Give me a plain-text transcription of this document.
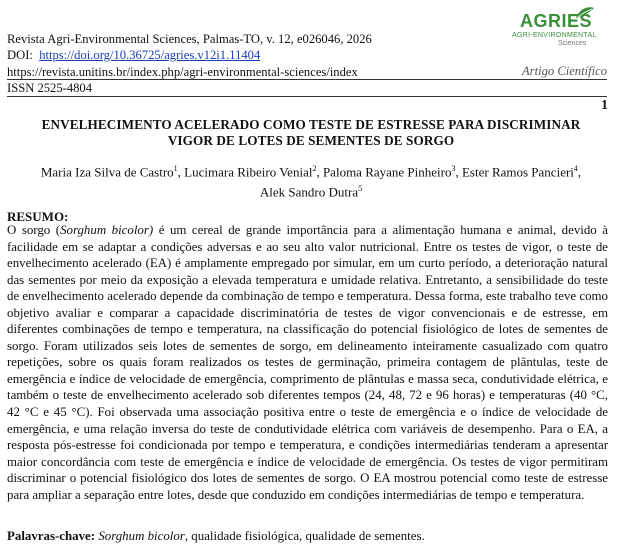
Revista Agri-Environmental Sciences, Palmas-TO, v. 12, e026046, 2026
DOI: https://doi.org/10.36725/agries.v12i1.11404
https://revista.unitins.br/index.php/agri-environmental-sciences/index	Artigo Científico
ISSN 2525-4804
AGRIES
AGRI-ENVIRONMENTAL
Sciences
1
ENVELHECIMENTO ACELERADO COMO TESTE DE ESTRESSE PARA DISCRIMINAR
VIGOR DE LOTES DE SEMENTES DE SORGO
Maria Iza Silva de Castro$^1$, Lucimara Ribeiro Venial$^2$, Paloma Rayane Pinheiro$^3$, Ester Ramos Pancieri$^4$,
Alek Sandro Dutra$^5$
RESUMO:
O sorgo (Sorghum bicolor) é um cereal de grande importância para a alimentação humana e animal, devido à facilidade em se adaptar a condições adversas e ao seu alto valor nutricional. Entre os testes de vigor, o teste de envelhecimento acelerado (EA) é amplamente empregado por simular, em um curto período, a deterioração natural das sementes por meio da exposição a elevada temperatura e umidade relativa. Entretanto, a sensibilidade do teste de envelhecimento acelerado depende da combinação de tempo e temperatura. Dessa forma, este trabalho teve como objetivo avaliar e comparar a capacidade discriminatória de testes de vigor convencionais e de estresse, em diferentes combinações de tempo e temperatura, na classificação do potencial fisiológico de lotes de sementes de sorgo. Foram utilizados seis lotes de sementes de sorgo, em delineamento inteiramente casualizado com quatro repetições, sobre os quais foram realizados os testes de germinação, primeira contagem de plântulas, teste de emergência e índice de velocidade de emergência, comprimento de plântulas e massa seca, condutividade elétrica, e também o teste de envelhecimento acelerado sob diferentes tempos (24, 48, 72 e 96 horas) e temperaturas (40 °C, 42 °C e 45 °C). Foi observada uma associação positiva entre o teste de emergência e o índice de velocidade de emergência, e uma relação inversa do teste de condutividade elétrica com variáveis de desempenho. Para o EA, a resposta pós-estresse foi condicionada por tempo e temperatura, e condições intermediárias tenderam a apresentar maior concordância com teste de emergência e índice de velocidade de emergência. Os testes de vigor permitiram discriminar o potencial fisiológico dos lotes de sementes de sorgo. O EA mostrou potencial como teste de estresse para ampliar a separação entre lotes, desde que conduzido em condições intermediárias de tempo e temperatura.
Palavras-chave: Sorghum bicolor, qualidade fisiológica, qualidade de sementes.
